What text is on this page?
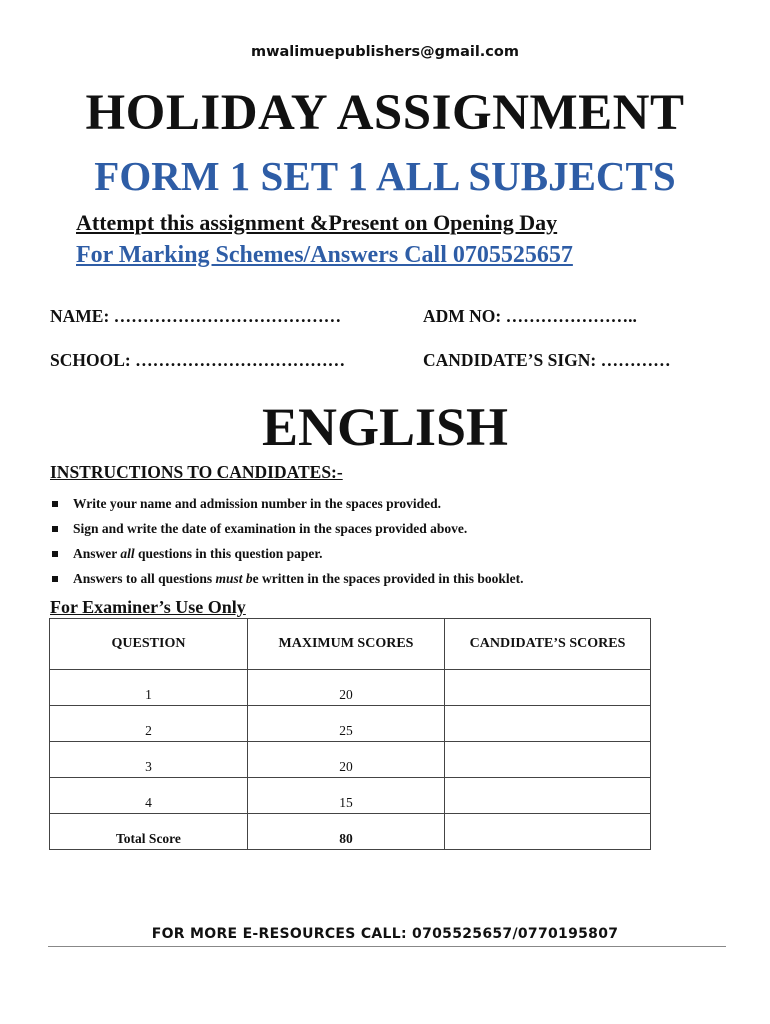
mwalimuepublishers@gmail.com
HOLIDAY ASSIGNMENT
FORM 1 SET 1 ALL SUBJECTS
Attempt this assignment &Present on Opening Day
For Marking Schemes/Answers Call 0705525657
NAME: …………………………………	ADM NO: …………………..
SCHOOL: ………………………………	CANDIDATE’S SIGN: …………
ENGLISH
INSTRUCTIONS TO CANDIDATES:-
Write your name and admission number in the spaces provided.
Sign and write the date of examination in the spaces provided above.
Answer all questions in this question paper.
Answers to all questions must be written in the spaces provided in this booklet.
For Examiner’s Use Only
QUESTION	MAXIMUM SCORES	CANDIDATE’S SCORES
1	20	
2	25	
3	20	
4	15	
Total Score	80	
FOR MORE E-RESOURCES CALL: 0705525657/0770195807
